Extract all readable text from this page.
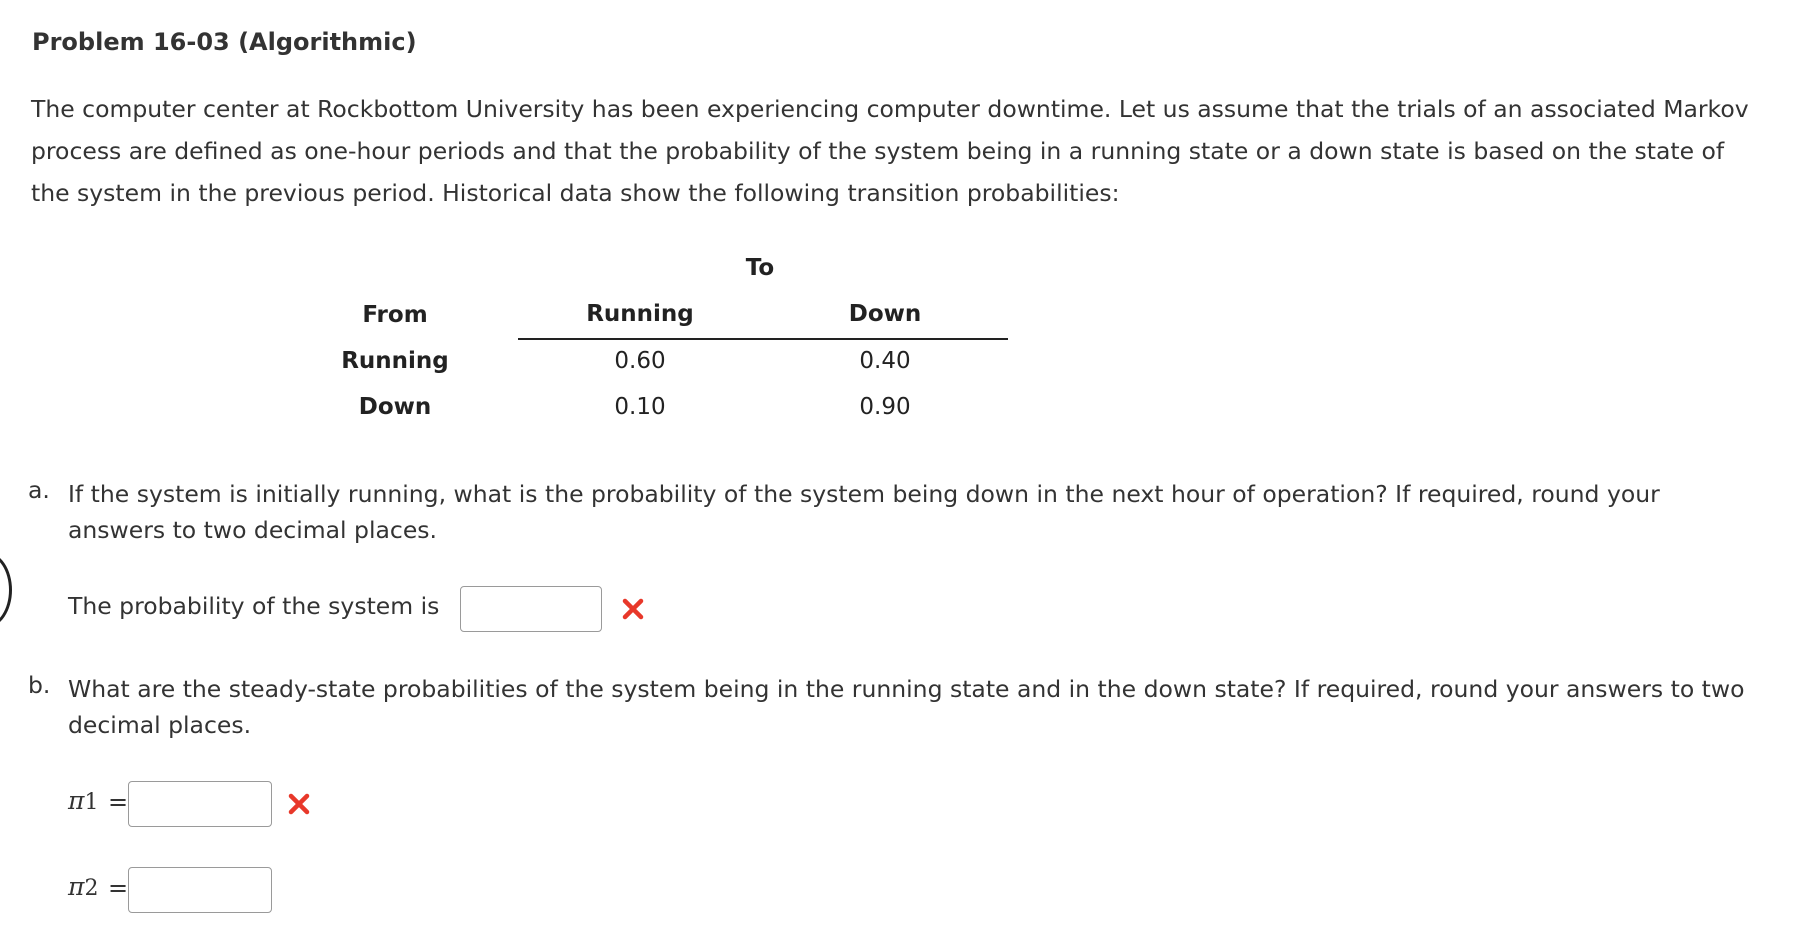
Problem 16-03 (Algorithmic)
The computer center at Rockbottom University has been experiencing computer downtime. Let us assume that the trials of an associated Markov
process are defined as one-hour periods and that the probability of the system being in a running state or a down state is based on the state of
the system in the previous period. Historical data show the following transition probabilities:
To
From	Running	Down
Running	0.60	0.40
Down	0.10	0.90
a. If the system is initially running, what is the probability of the system being down in the next hour of operation? If required, round your
answers to two decimal places.
The probability of the system is
b. What are the steady-state probabilities of the system being in the running state and in the down state? If required, round your answers to two
decimal places.
π1 =
π2 =
